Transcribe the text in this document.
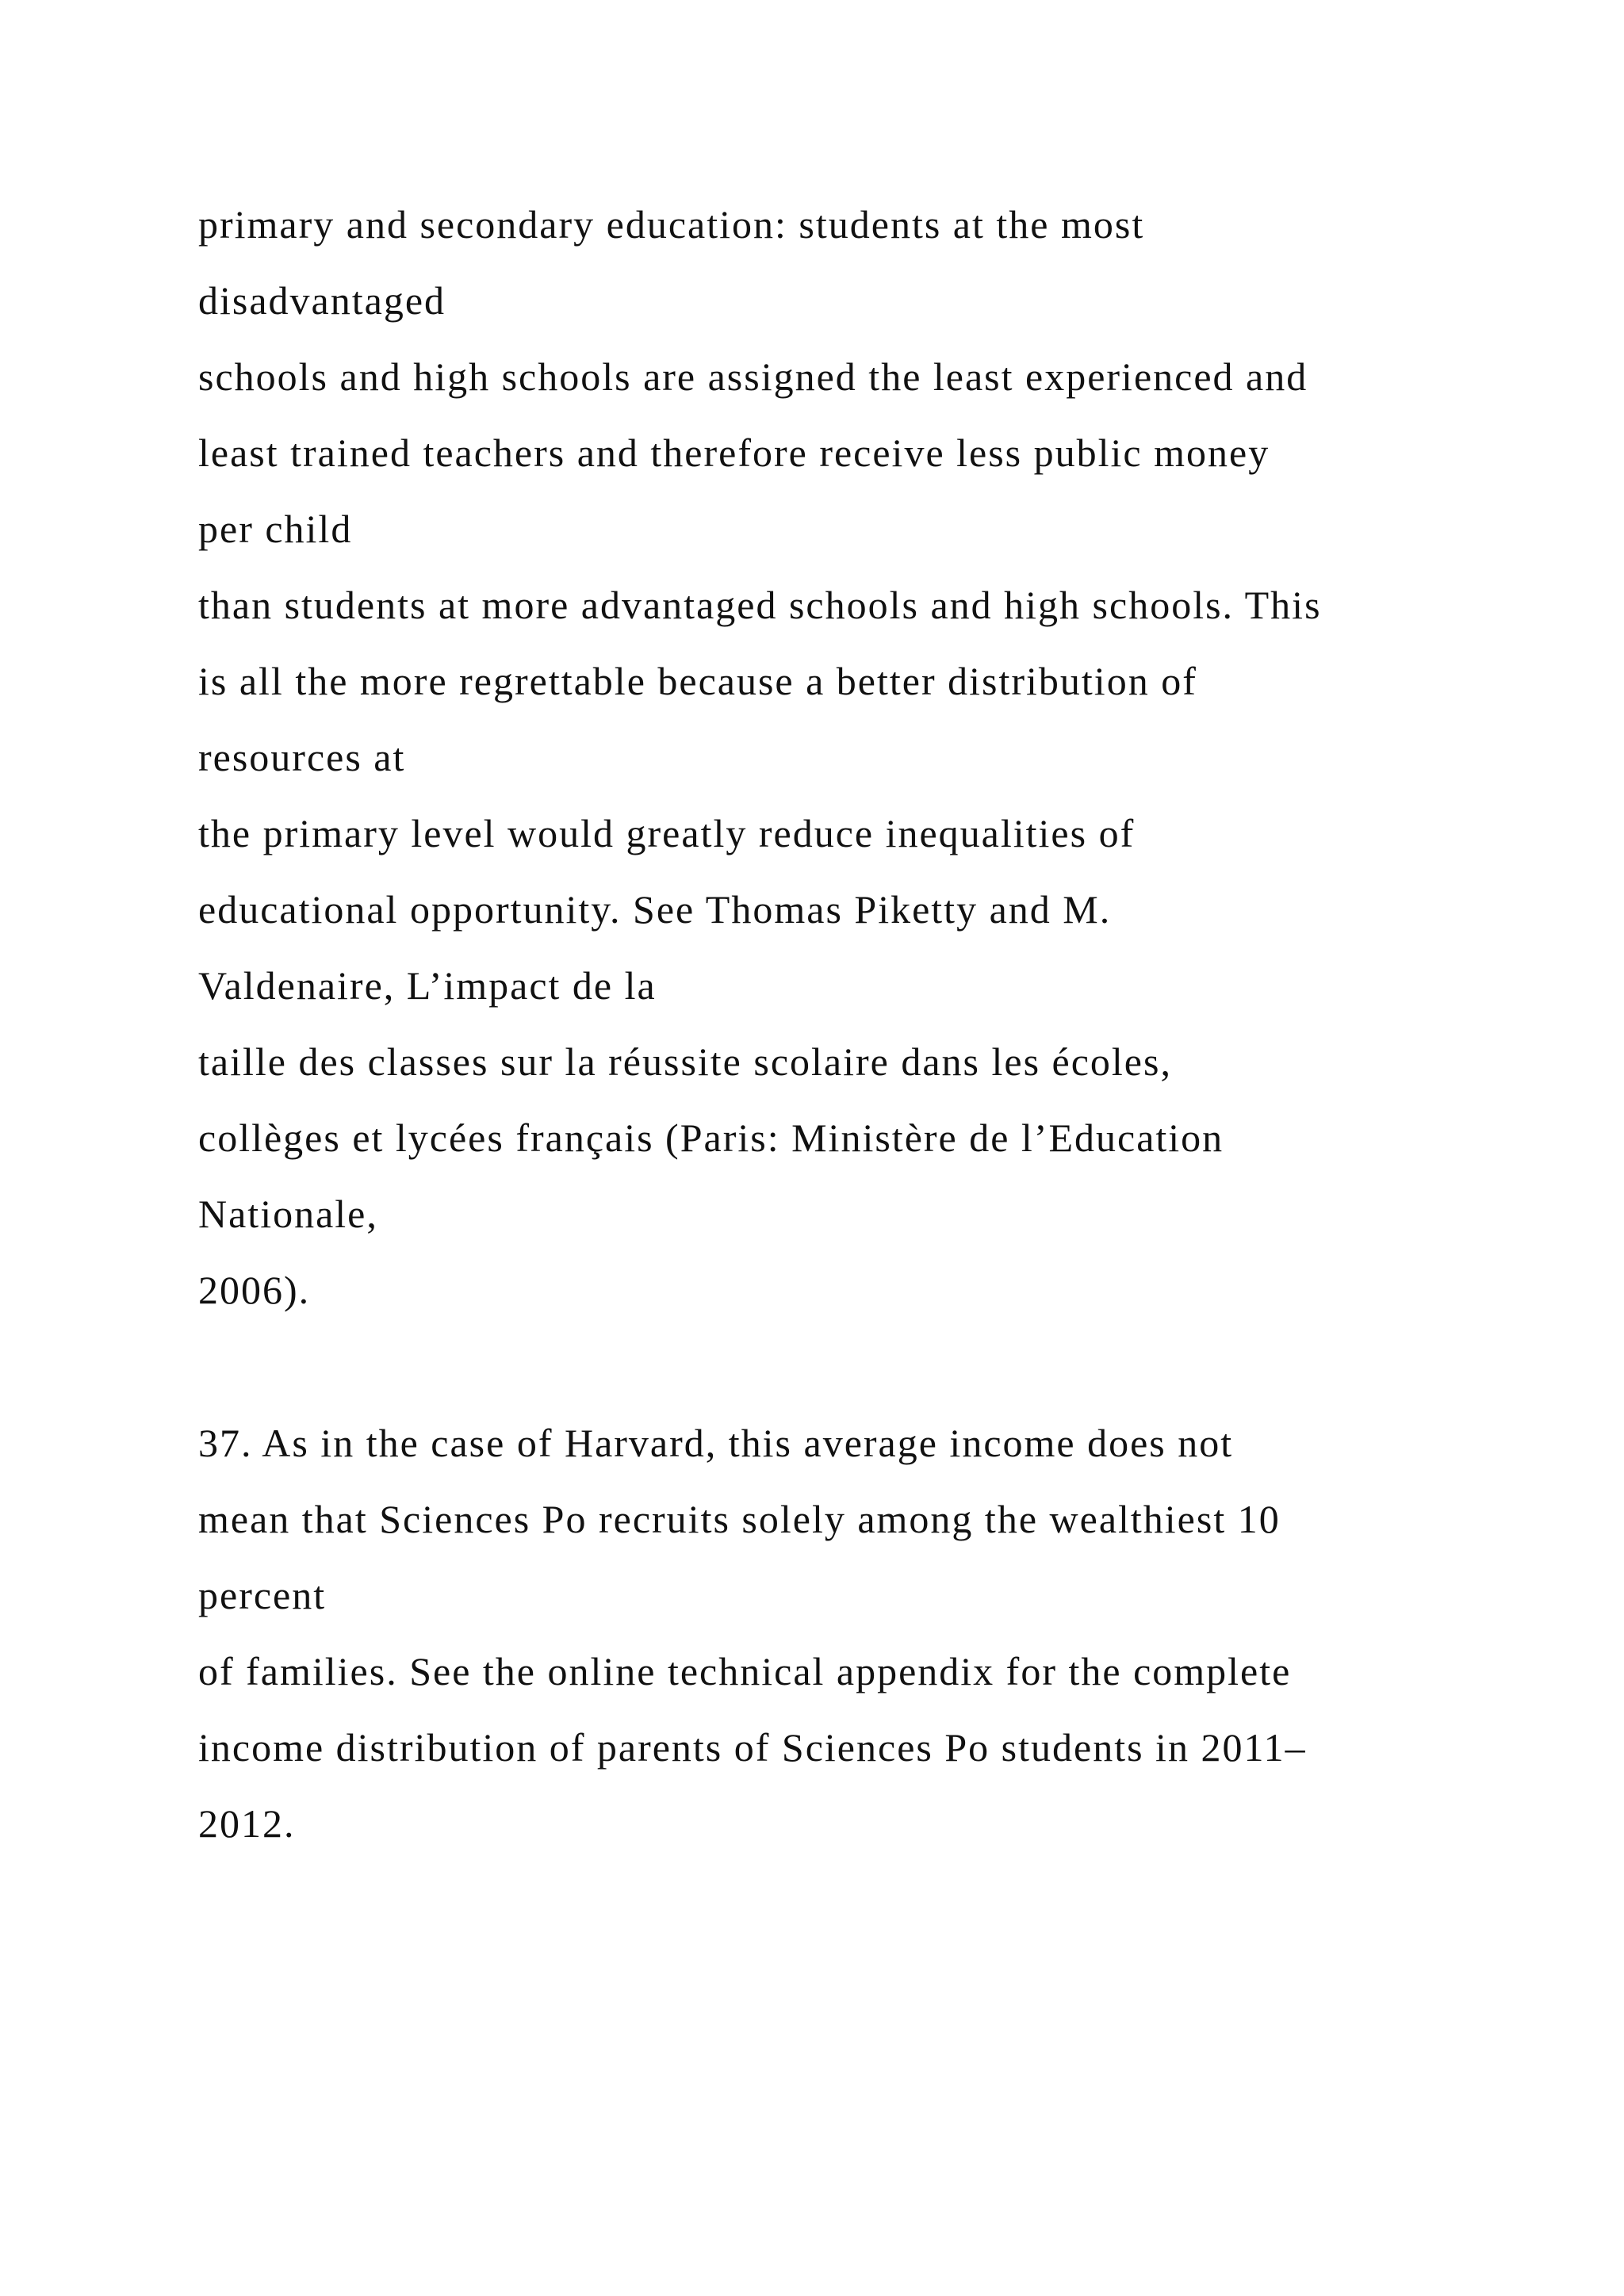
primary and secondary education: students at the most
disadvantaged
schools and high schools are assigned the least experienced and
least trained teachers and therefore receive less public money
per child
than students at more advantaged schools and high schools. This
is all the more regrettable because a better distribution of
resources at
the primary level would greatly reduce inequalities of
educational opportunity. See Thomas Piketty and M.
Valdenaire, L’impact de la
taille des classes sur la réussite scolaire dans les écoles,
collèges et lycées français (Paris: Ministère de l’Education
Nationale,
2006).
37. As in the case of Harvard, this average income does not
mean that Sciences Po recruits solely among the wealthiest 10
percent
of families. See the online technical appendix for the complete
income distribution of parents of Sciences Po students in 2011–
2012.
